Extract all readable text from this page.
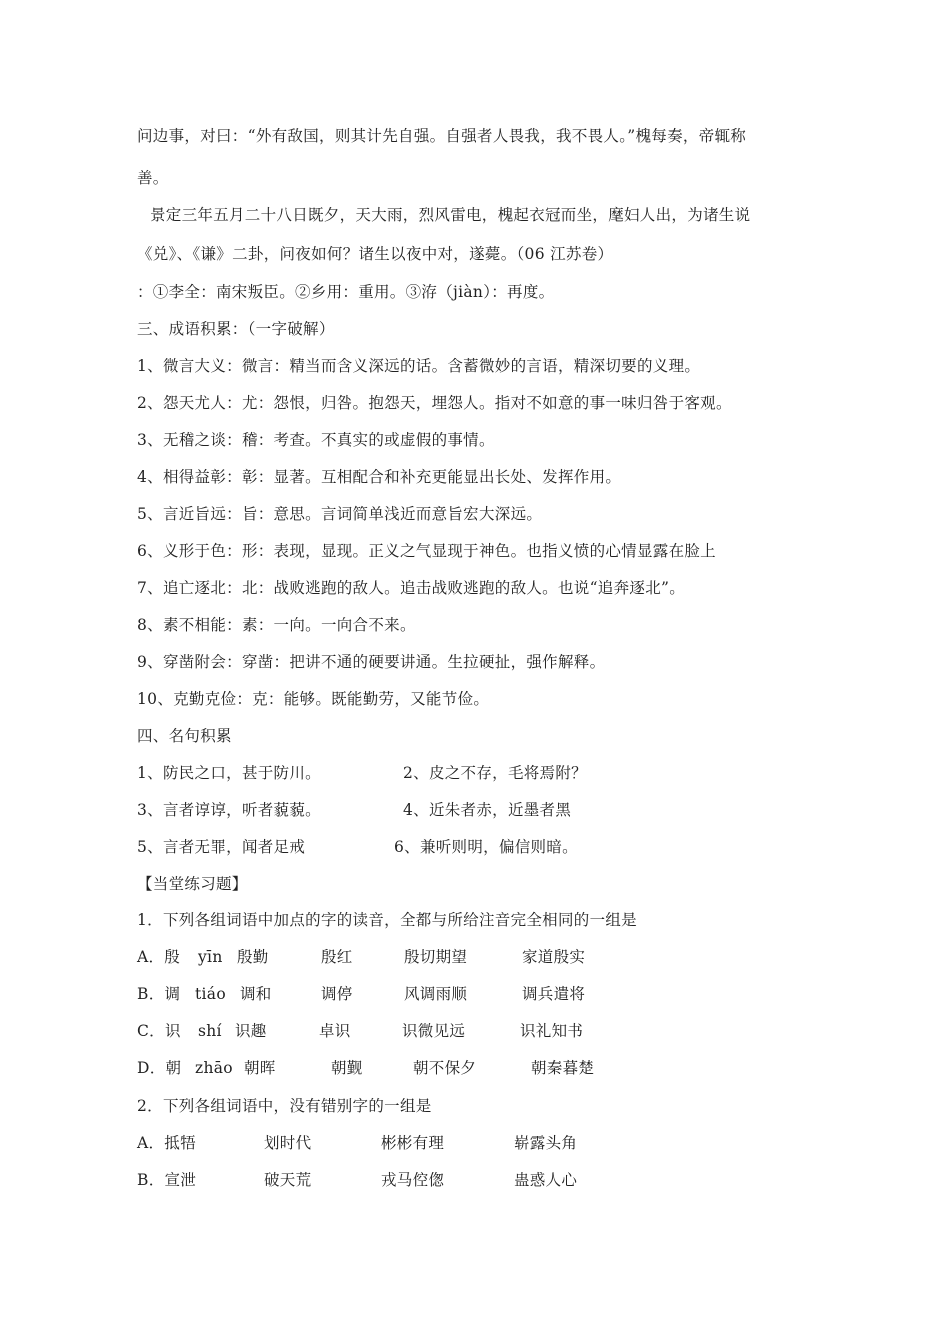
问边事，对曰：“外有敌国，则其计先自强。自强者人畏我，我不畏人。”槐每奏，帝辄称
善。
景定三年五月二十八日既夕，天大雨，烈风雷电，槐起衣冠而坐，麾妇人出，为诸生说
《兑》、《谦》二卦，问夜如何？诸生以夜中对，遂薨。（06 江苏卷）
：①李全：南宋叛臣。②乡用：重用。③洊（jiàn）：再度。
三、成语积累：（一字破解）
1、微言大义：微言：精当而含义深远的话。含蓄微妙的言语，精深切要的义理。
2、怨天尤人：尤：怨恨，归咎。抱怨天，埋怨人。指对不如意的事一味归咎于客观。
3、无稽之谈：稽：考查。不真实的或虚假的事情。
4、相得益彰：彰：显著。互相配合和补充更能显出长处、发挥作用。
5、言近旨远：旨：意思。言词简单浅近而意旨宏大深远。
6、义形于色：形：表现，显现。正义之气显现于神色。也指义愤的心情显露在脸上
7、追亡逐北：北：战败逃跑的敌人。追击战败逃跑的敌人。也说“追奔逐北”。
8、素不相能：素：一向。一向合不来。
9、穿凿附会：穿凿：把讲不通的硬要讲通。生拉硬扯，强作解释。
10、克勤克俭：克：能够。既能勤劳，又能节俭。
四、名句积累
1、防民之口，甚于防川。	2、皮之不存，毛将焉附？
3、言者谆谆，听者藐藐。	4、近朱者赤，近墨者黑
5、言者无罪，闻者足戒	6、兼听则明，偏信则暗。
【当堂练习题】
1．下列各组词语中加点的字的读音，全都与所给注音完全相同的一组是
A．殷 yīn 殷勤	殷红	殷切期望	家道殷实
B．调 tiáo 调和	调停	风调雨顺	调兵遣将
C．识 shí 识趣	卓识	识微见远	识礼知书
D．朝 zhāo 朝晖	朝觐	朝不保夕	朝秦暮楚
2．下列各组词语中，没有错别字的一组是
A．抵牾	划时代	彬彬有理	崭露头角
B．宣泄	破天荒	戎马倥偬	蛊惑人心
